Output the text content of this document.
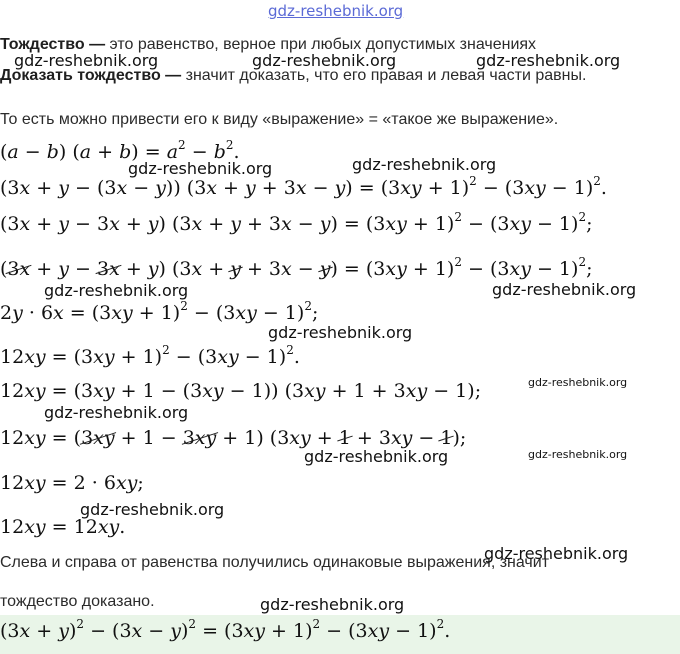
gdz-reshebnik.org
Тождество — это равенство, верное при любых допустимых значениях
Доказать тождество — значит доказать, что его правая и левая части равны.
То есть можно привести его к виду «выражение» = «такое же выражение».
(a − b) $(a + b) = a^2 - b^2$.
(3x + y − (3x − y)) $(3x + y + 3x - y) = (3xy + 1)^2 - (3xy - 1)^2$.
(3x + y − 3x + y) $(3x + y + 3x - y) = (3xy + 1)^2 - (3xy - 1)^2$;
(3x + y − 3x + y) $(3x + y + 3x - y) = (3xy + 1)^2 - (3xy - 1)^2$;
$2y \cdot 6x = (3xy + 1)^2 - (3xy - 1)^2$;
$12xy = (3xy + 1)^2 - (3xy - 1)^2$.
12xy = (3xy + 1 − (3xy − 1)) (3xy + 1 + 3xy − 1);
12xy = (3xy + 1 − 3xy + 1) (3xy + 1 + 3xy − 1);
12xy = 2 · 6xy;
12xy = 12xy.
Слева и справа от равенства получились одинаковые выражения, значит
тождество доказано.
$(3x + y)^2 - (3x - y)^2 = (3xy + 1)^2 - (3xy - 1)^2$.
gdz-reshebnik.org	gdz-reshebnik.org	gdz-reshebnik.org
gdz-reshebnik.org	gdz-reshebnik.org
gdz-reshebnik.org	gdz-reshebnik.org
gdz-reshebnik.org
gdz-reshebnik.org
gdz-reshebnik.org
gdz-reshebnik.org	gdz-reshebnik.org
gdz-reshebnik.org
gdz-reshebnik.org
gdz-reshebnik.org
